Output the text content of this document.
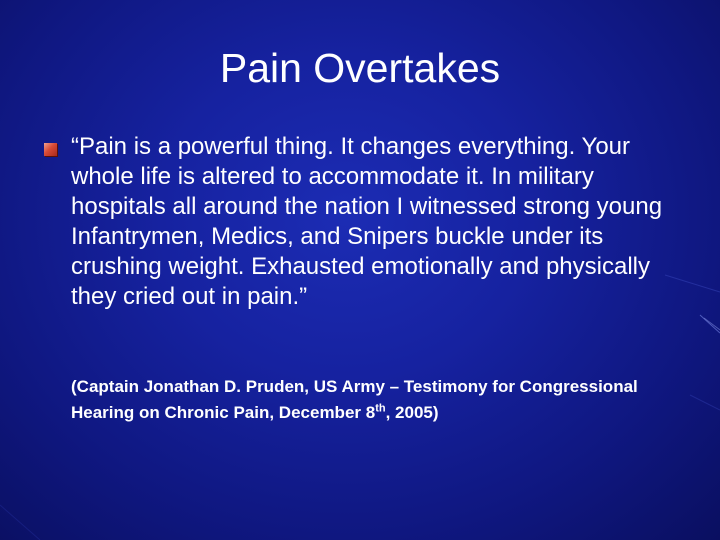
Pain Overtakes

“Pain is a powerful thing. It changes everything. Your whole life is altered to accommodate it. In military hospitals all around the nation I witnessed strong young Infantrymen, Medics, and Snipers buckle under its crushing weight. Exhausted emotionally and physically they cried out in pain.”

(Captain Jonathan D. Pruden, US Army – Testimony for Congressional Hearing on Chronic Pain, December 8th, 2005)
